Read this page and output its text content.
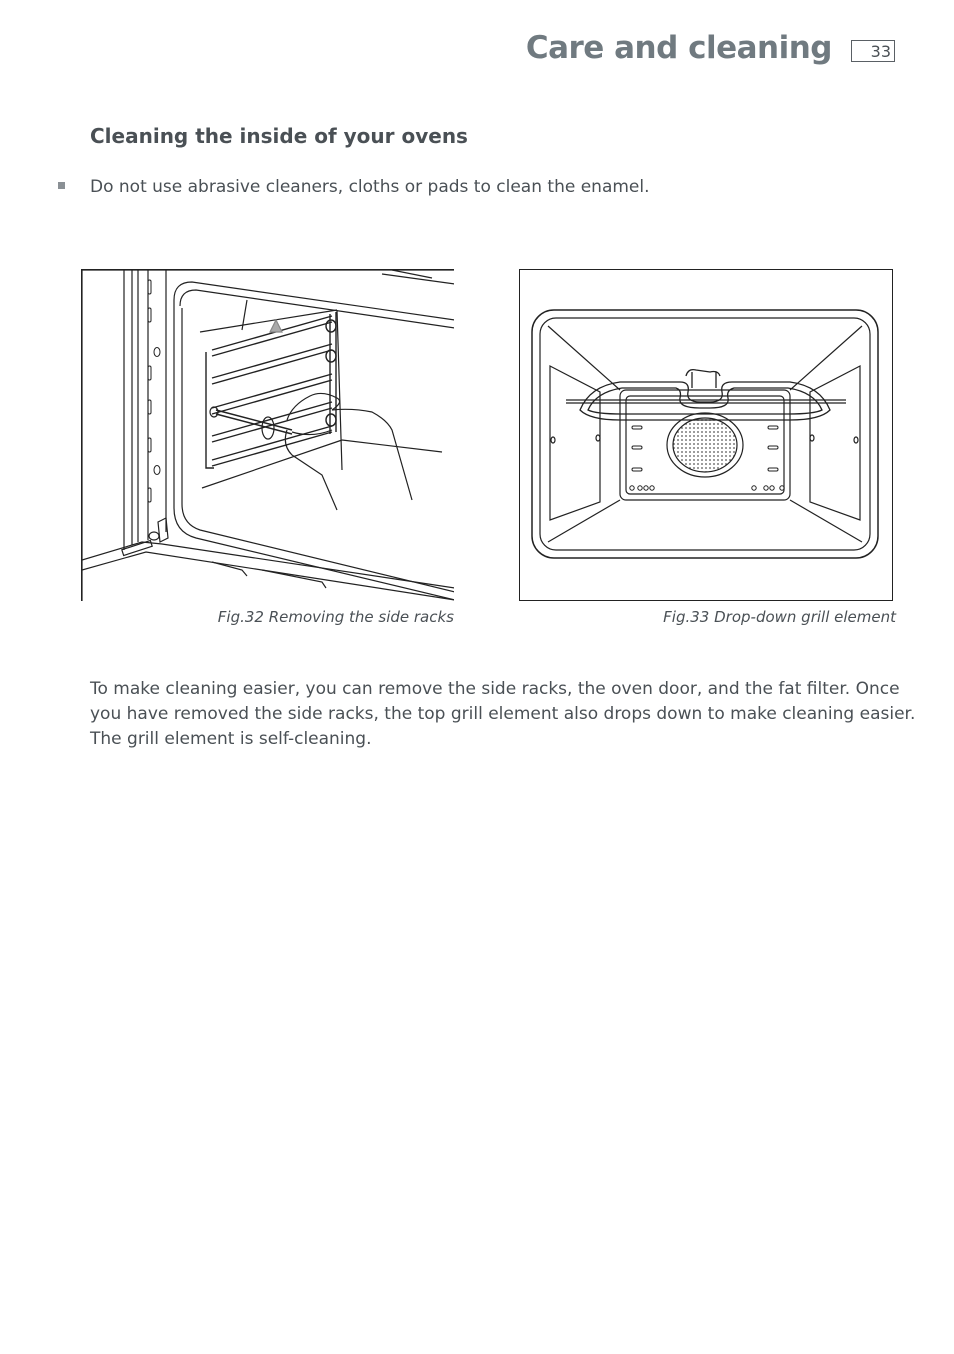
Care and cleaning	33
Cleaning the inside of your ovens
Do not use abrasive cleaners, cloths or pads to clean the enamel.
Fig.32 Removing the side racks	Fig.33 Drop-down grill element
To make cleaning easier, you can remove the side racks, the oven door, and the fat filter. Once
you have removed the side racks, the top grill element also drops down to make cleaning easier.
The grill element is self-cleaning.
